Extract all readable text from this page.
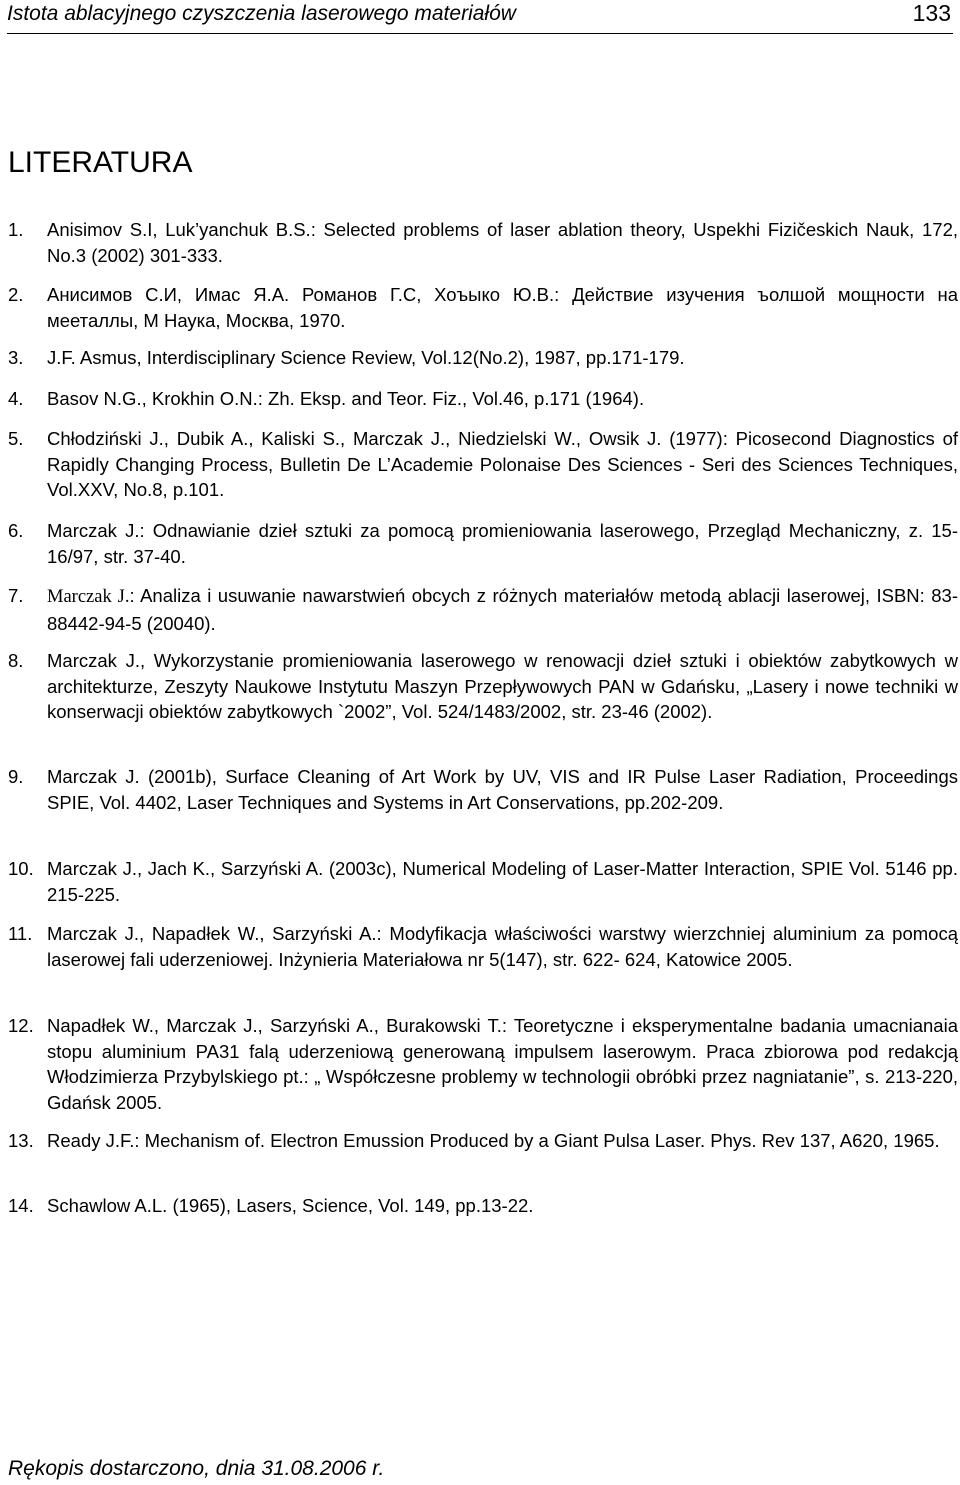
Istota ablacyjnego czyszczenia laserowego materiałów	133
LITERATURA
1. Anisimov S.I, Luk’yanchuk B.S.: Selected problems of laser ablation theory, Uspekhi Fizičeskich Nauk, 172, No.3 (2002) 301-333.
2. Анисимов С.И, Имас Я.А. Романов Г.С, Хоъыко Ю.В.: Действие изучения ъолшой мощности на мееталлы, М Наука, Москва, 1970.
3. J.F. Asmus, Interdisciplinary Science Review, Vol.12(No.2), 1987, pp.171-179.
4. Basov N.G., Krokhin O.N.: Zh. Eksp. and Teor. Fiz., Vol.46, p.171 (1964).
5. Chłodziński J., Dubik A., Kaliski S., Marczak J., Niedzielski W., Owsik J. (1977): Picosecond Diagnostics of Rapidly Changing Process, Bulletin De L’Academie Polonaise Des Sciences - Seri des Sciences Techniques, Vol.XXV, No.8, p.101.
6. Marczak J.: Odnawianie dzieł sztuki za pomocą promieniowania laserowego, Przegląd Mechaniczny, z. 15-16/97, str. 37-40.
7. Marczak J.: Analiza i usuwanie nawarstwień obcych z różnych materiałów metodą ablacji laserowej, ISBN: 83-88442-94-5 (20040).
8. Marczak J., Wykorzystanie promieniowania laserowego w renowacji dzieł sztuki i obiektów zabytkowych w architekturze, Zeszyty Naukowe Instytutu Maszyn Przepływowych PAN w Gdańsku, „Lasery i nowe techniki w konserwacji obiektów zabytkowych `2002”, Vol. 524/1483/2002, str. 23-46 (2002).
9. Marczak J. (2001b), Surface Cleaning of Art Work by UV, VIS and IR Pulse Laser Radiation, Proceedings SPIE, Vol. 4402, Laser Techniques and Systems in Art Conservations, pp.202-209.
10. Marczak J., Jach K., Sarzyński A. (2003c), Numerical Modeling of Laser-Matter Interaction, SPIE Vol. 5146 pp. 215-225.
11. Marczak J., Napadłek W., Sarzyński A.: Modyfikacja właściwości warstwy wierzchniej aluminium za pomocą laserowej fali uderzeniowej. Inżynieria Materiałowa nr 5(147), str. 622- 624, Katowice 2005.
12. Napadłek W., Marczak J., Sarzyński A., Burakowski T.: Teoretyczne i eksperymentalne badania umacnianaia stopu aluminium PA31 falą uderzeniową generowaną impulsem laserowym. Praca zbiorowa pod redakcją Włodzimierza Przybylskiego pt.: „ Współczesne problemy w technologii obróbki przez nagniatanie”, s. 213-220, Gdańsk 2005.
13. Ready J.F.: Mechanism of. Electron Emussion Produced by a Giant Pulsa Laser. Phys. Rev 137, A620, 1965.
14. Schawlow A.L. (1965), Lasers, Science, Vol. 149, pp.13-22.
Rękopis dostarczono, dnia 31.08.2006 r.
